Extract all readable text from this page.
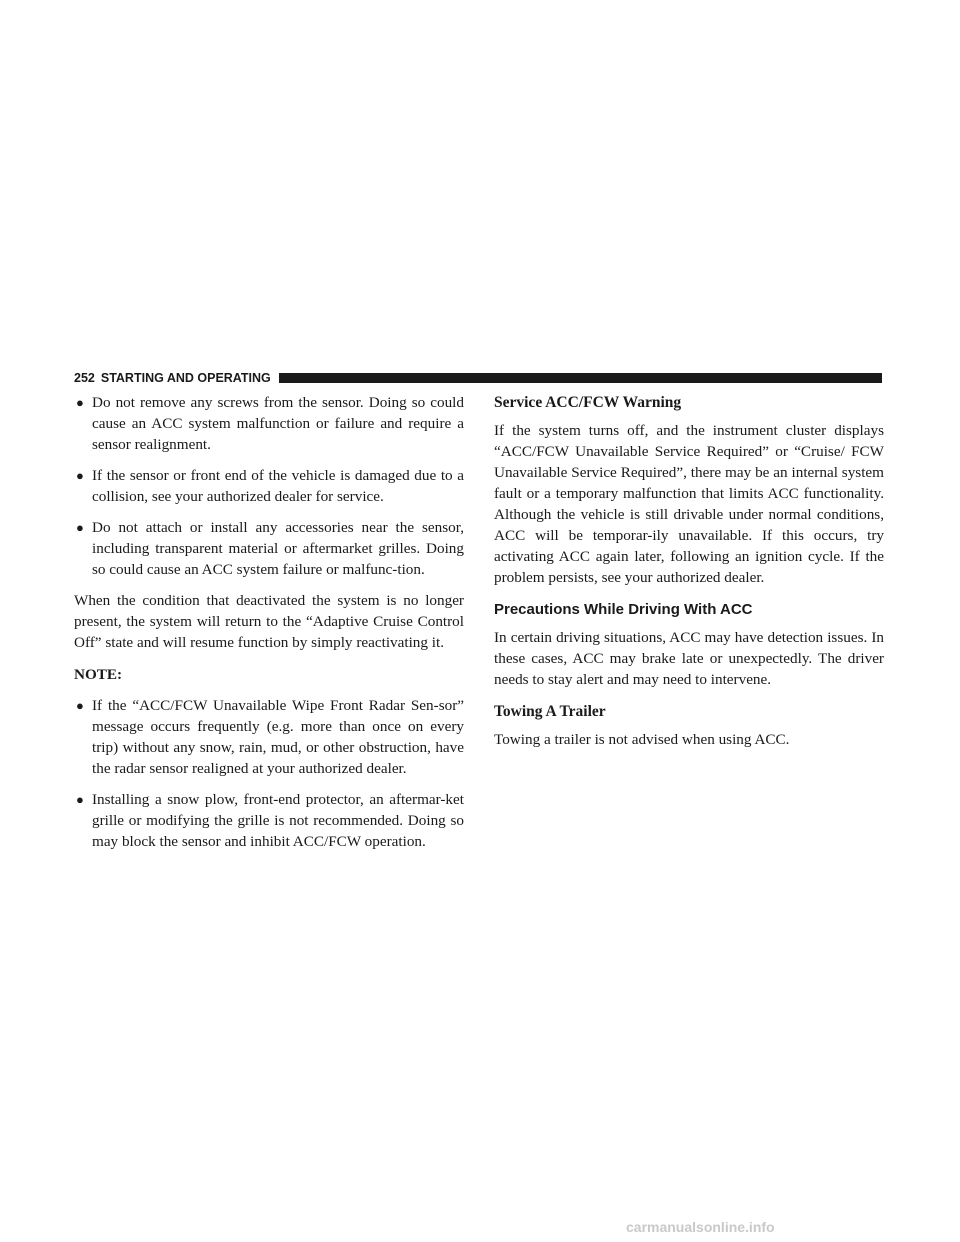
252 STARTING AND OPERATING
● Do not remove any screws from the sensor. Doing so could cause an ACC system malfunction or failure and require a sensor realignment.
● If the sensor or front end of the vehicle is damaged due to a collision, see your authorized dealer for service.
● Do not attach or install any accessories near the sensor, including transparent material or aftermarket grilles. Doing so could cause an ACC system failure or malfunc-tion.

When the condition that deactivated the system is no longer present, the system will return to the “Adaptive Cruise Control Off” state and will resume function by simply reactivating it.

NOTE:

● If the “ACC/FCW Unavailable Wipe Front Radar Sen-sor” message occurs frequently (e.g. more than once on every trip) without any snow, rain, mud, or other obstruction, have the radar sensor realigned at your authorized dealer.
● Installing a snow plow, front-end protector, an aftermar-ket grille or modifying the grille is not recommended. Doing so may block the sensor and inhibit ACC/FCW operation.

Service ACC/FCW Warning

If the system turns off, and the instrument cluster displays “ACC/FCW Unavailable Service Required” or “Cruise/ FCW Unavailable Service Required”, there may be an internal system fault or a temporary malfunction that limits ACC functionality. Although the vehicle is still drivable under normal conditions, ACC will be temporar-ily unavailable. If this occurs, try activating ACC again later, following an ignition cycle. If the problem persists, see your authorized dealer.

Precautions While Driving With ACC

In certain driving situations, ACC may have detection issues. In these cases, ACC may brake late or unexpectedly. The driver needs to stay alert and may need to intervene.

Towing A Trailer

Towing a trailer is not advised when using ACC.

carmanualsonline.info
